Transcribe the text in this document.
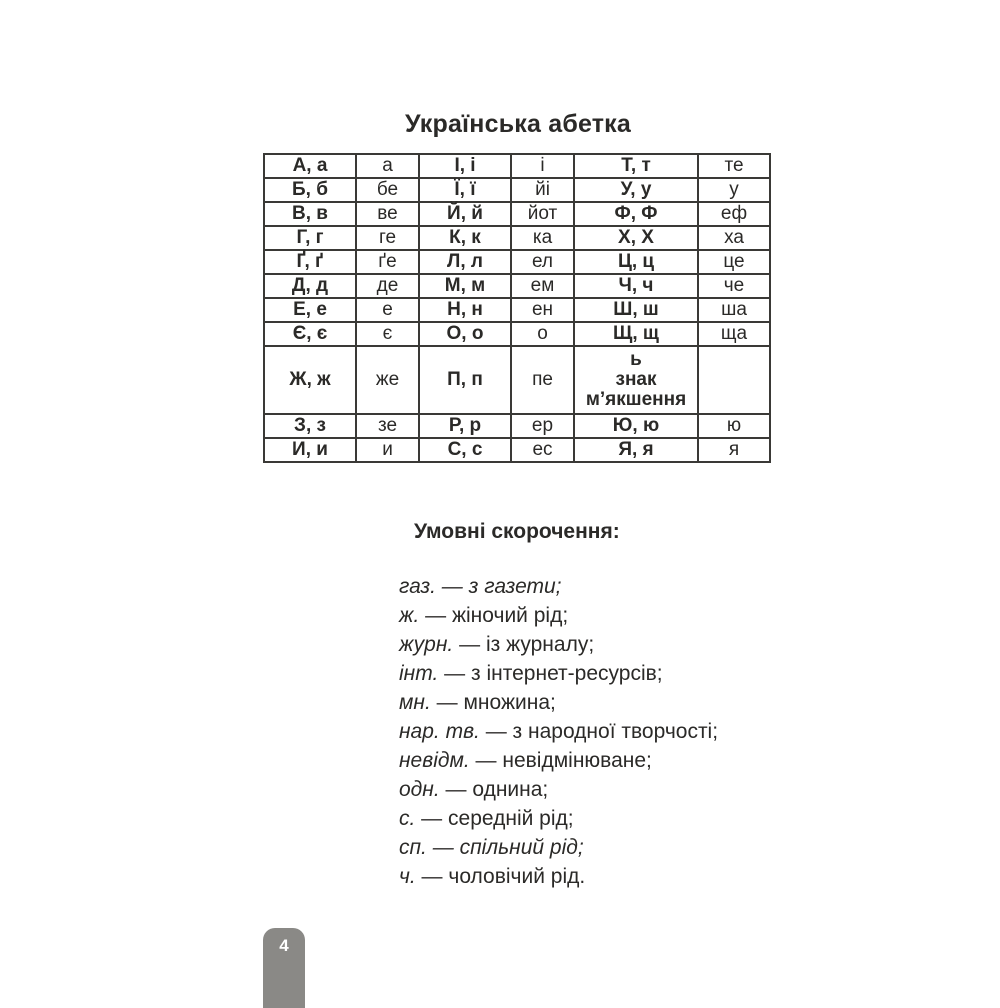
Українська абетка
А, а	а	І, і	і	Т, т	те
Б, б	бе	Ї, ї	йі	У, у	у
В, в	ве	Й, й	йот	Ф, Ф	еф
Г, г	ге	К, к	ка	Х, Х	ха
Ґ, ґ	ґе	Л, л	ел	Ц, ц	це
Д, д	де	М, м	ем	Ч, ч	че
Е, е	е	Н, н	ен	Ш, ш	ша
Є, є	є	О, о	о	Щ, щ	ща
Ж, ж	же	П, п	пе	ь
знак
м’якшення	

З, з	зе	Р, р	ер	Ю, ю	ю
И, и	и	С, с	ес	Я, я	я
Умовні скорочення:
газ. — з газети;
ж. — жіночий рід;
журн. — із журналу;
інт. — з інтернет-ресурсів;
мн. — множина;
нар. тв. — з народної творчості;
невідм. — невідмінюване;
одн. — однина;
с. — середній рід;
сп. — спільний рід;
ч. — чоловічий рід.
4
